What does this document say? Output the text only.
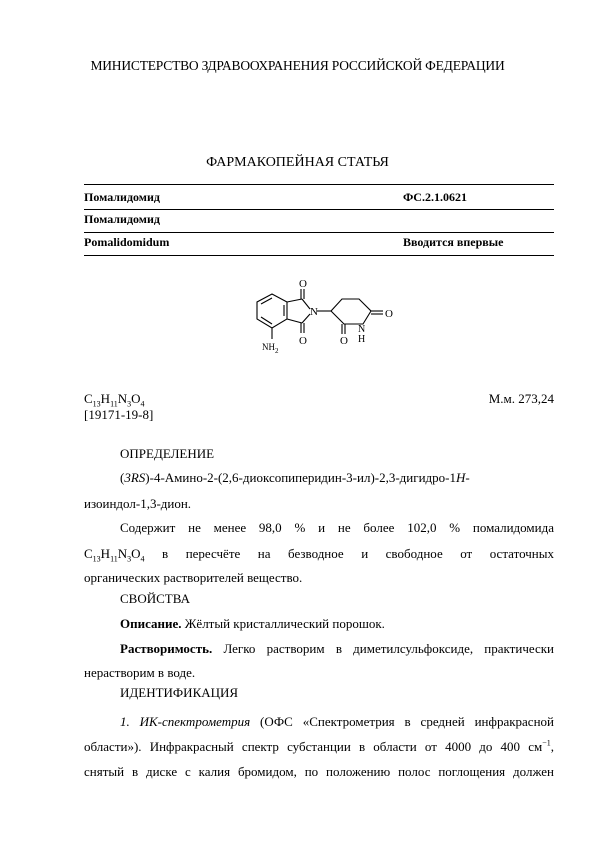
МИНИСТЕРСТВО ЗДРАВООХРАНЕНИЯ РОССИЙСКОЙ ФЕДЕРАЦИИ
ФАРМАКОПЕЙНАЯ СТАТЬЯ
Помалидомид	ФС.2.1.0621
Помалидомид
Pomalidomidum	Вводится впервые
O
O
N	O
O
N
H
$NH_2$
$C_{13}H_{11}N_3O_4$	М.м. 273,24
[19171-19-8]
ОПРЕДЕЛЕНИЕ
(3RS)-4-Амино-2-(2,6-диоксопиперидин-3-ил)-2,3-дигидро-1H-
изоиндол-1,3-дион.
Содержит не менее 98,0 % и не более 102,0 % помалидомида
$C_{13}H_{11}N_3O_4$ в пересчёте на безводное и свободное от остаточных
органических растворителей вещество.
СВОЙСТВА
Описание. Жёлтый кристаллический порошок.
Растворимость. Легко растворим в диметилсульфоксиде, практически
нерастворим в воде.
ИДЕНТИФИКАЦИЯ
1. ИК-спектрометрия (ОФС «Спектрометрия в средней инфракрасной
области»). Инфракрасный спектр субстанции в области от 4000 до 400 $см^{-1}$,
снятый в диске с калия бромидом, по положению полос поглощения должен
